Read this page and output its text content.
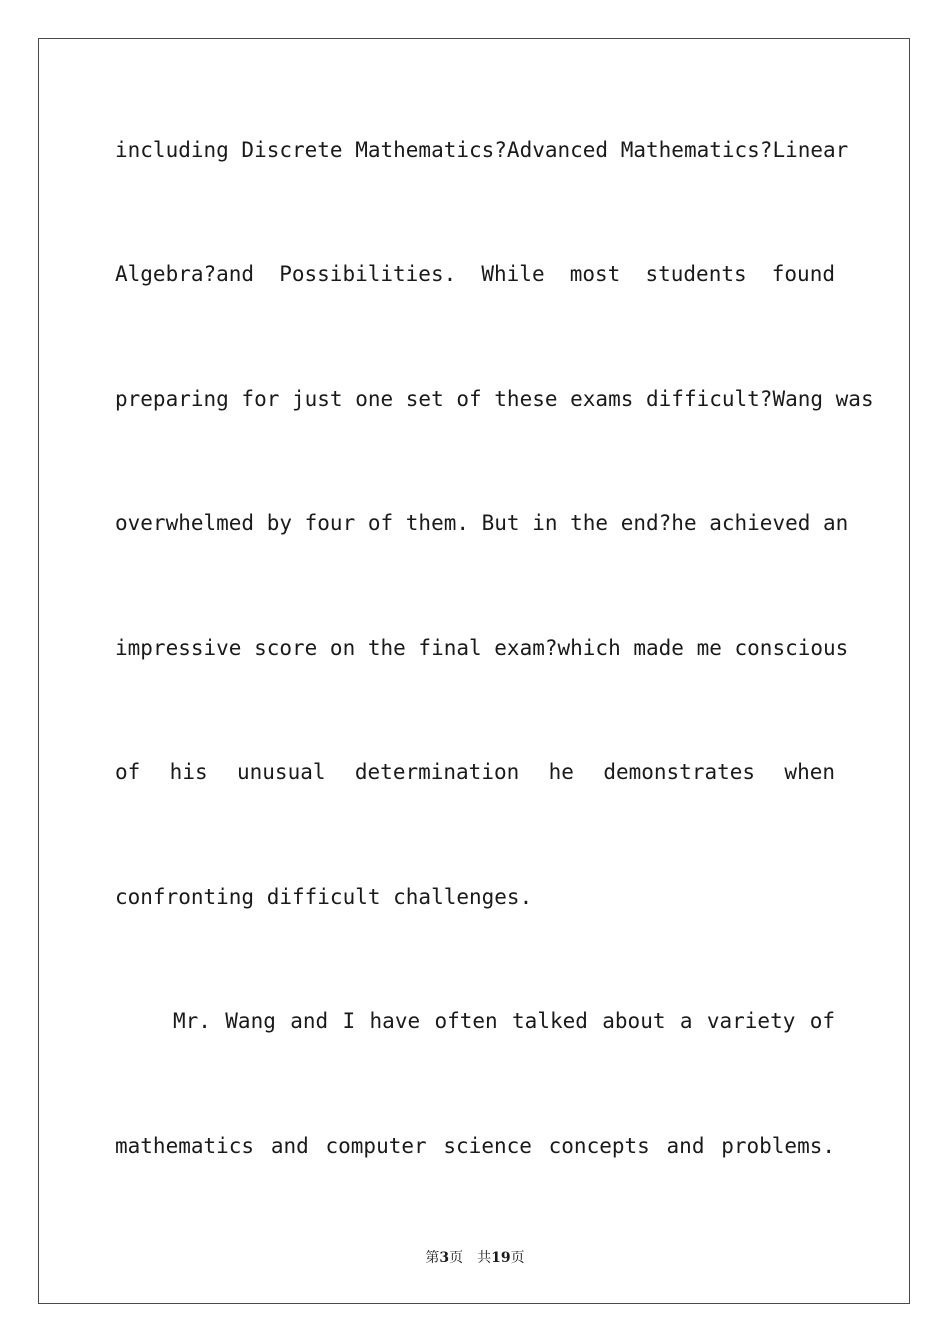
including Discrete Mathematics?Advanced Mathematics?Linear
Algebra?and Possibilities. While most students found
preparing for just one set of these exams difficult?Wang was
overwhelmed by four of them. But in the end?he achieved an
impressive score on the final exam?which made me conscious
of his unusual determination he demonstrates when
confronting difficult challenges.
Mr. Wang and I have often talked about a variety of
mathematics and computer science concepts and problems.
第3页 共19页
